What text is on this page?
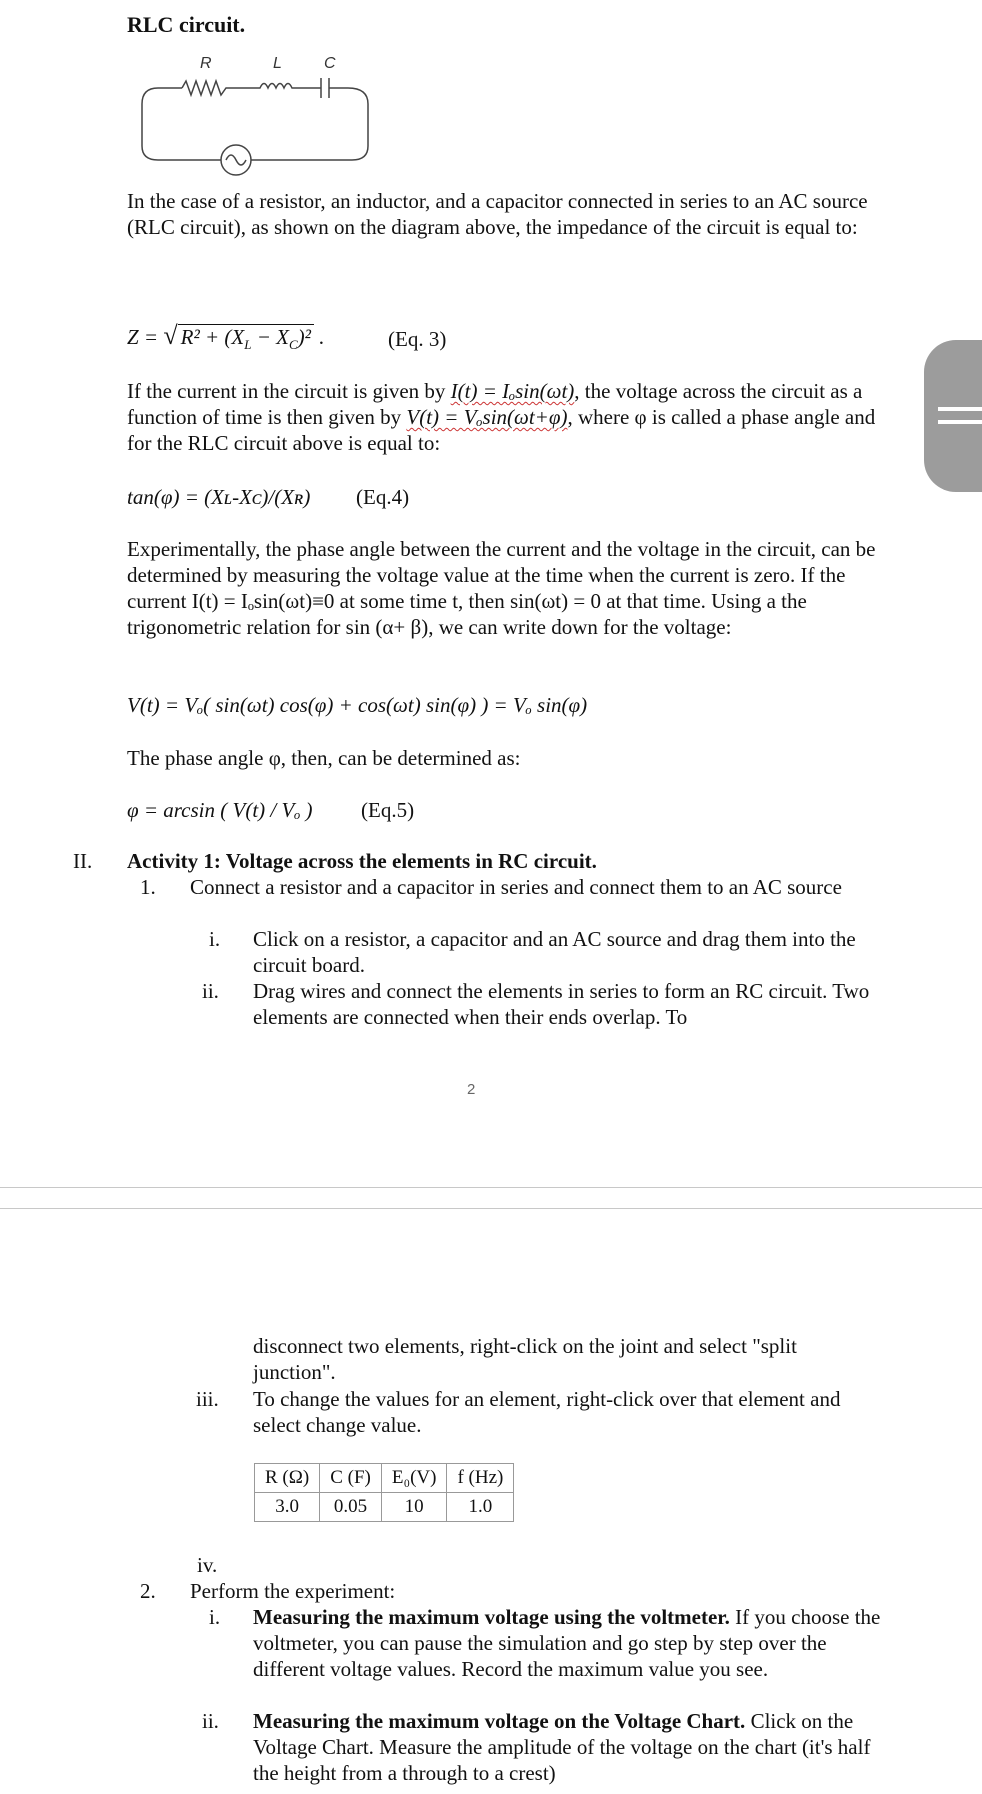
RLC circuit.
R	L	C
In the case of a resistor, an inductor, and a capacitor connected in series to an AC source (RLC circuit), as shown on the diagram above, the impedance of the circuit is equal to:
Z = √ $R^2 + (X_L - X_C)^2$ .	(Eq. 3)
If the current in the circuit is given by I(t) = Iₒsin(ωt), the voltage across the circuit as a function of time is then given by V(t) = Vₒsin(ωt+φ), where φ is called a phase angle and for the RLC circuit above is equal to:
tan(φ) = (Xʟ-Xᴄ)/(Xʀ) (Eq.4)
Experimentally, the phase angle between the current and the voltage in the circuit, can be determined by measuring the voltage value at the time when the current is zero. If the current I(t) = Iₒsin(ωt)≡0 at some time t, then sin(ωt) = 0 at that time. Using a the trigonometric relation for sin (α+ β), we can write down for the voltage:
V(t) = Vₒ( sin(ωt) cos(φ) + cos(ωt) sin(φ) ) = Vₒ sin(φ)
The phase angle φ, then, can be determined as:
φ = arcsin ( V(t) / Vₒ ) (Eq.5)
II. Activity 1: Voltage across the elements in RC circuit.
1. Connect a resistor and a capacitor in series and connect them to an AC source
i. Click on a resistor, a capacitor and an AC source and drag them into the circuit board.
ii. Drag wires and connect the elements in series to form an RC circuit. Two elements are connected when their ends overlap. To
2
disconnect two elements, right-click on the joint and select "split junction".
iii. To change the values for an element, right-click over that element and select change value.
R (Ω)	C (F)	E₀(V)	f (Hz)
3.0	0.05	10	1.0
iv.
2. Perform the experiment:
i. Measuring the maximum voltage using the voltmeter. If you choose the voltmeter, you can pause the simulation and go step by step over the different voltage values. Record the maximum value you see.
ii. Measuring the maximum voltage on the Voltage Chart. Click on the Voltage Chart. Measure the amplitude of the voltage on the chart (it's half the height from a through to a crest)
